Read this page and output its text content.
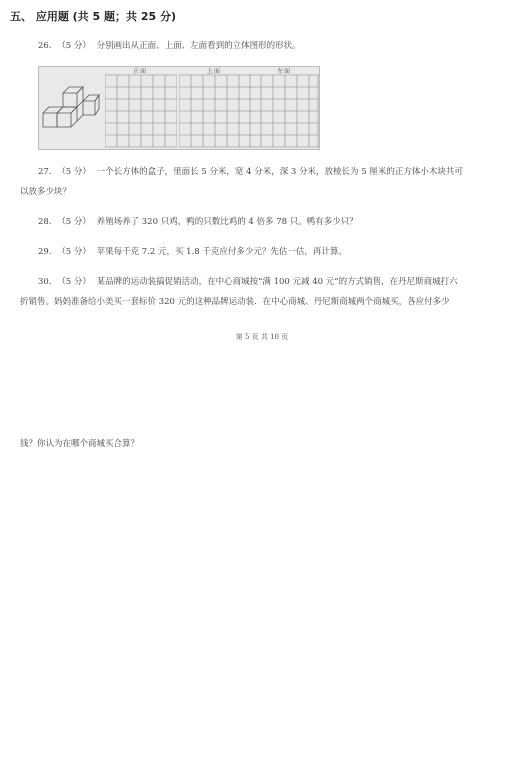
五、 应用题 (共 5 题；共 25 分)
26. （5 分） 分别画出从正面、上面、左面看到的立体图形的形状。
正面	上面	左面
27. （5 分） 一个长方体的盒子，里面长 5 分米，宽 4 分米，深 3 分米，放棱长为 5 厘米的正方体小木块共可
以放多少块？
28. （5 分） 养殖场养了 320 只鸡，鸭的只数比鸡的 4 倍多 78 只。鸭有多少只？
29. （5 分） 苹果每千克 7.2 元，买 1.8 千克应付多少元？先估一估，再计算。
30. （5 分） 某品牌的运动装搞促销活动，在中心商城按“满 100 元减 40 元”的方式销售，在丹尼斯商城打六
折销售。妈妈准备给小美买一套标价 320 元的这种品牌运动装．在中心商城、丹尼斯商城两个商城买，各应付多少
第 5 页 共 10 页
钱？你认为在哪个商城买合算？
